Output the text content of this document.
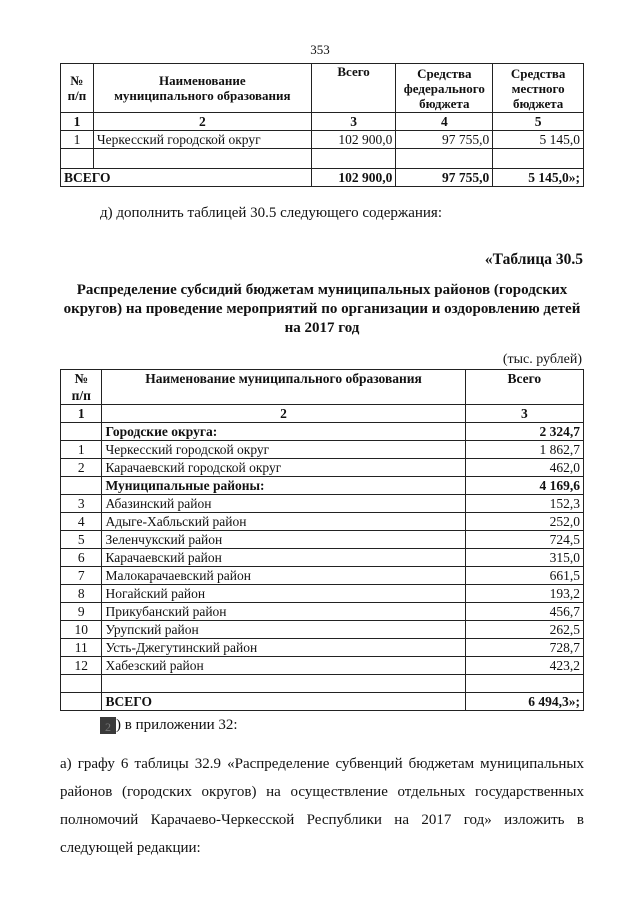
353
№
п/п	Наименование
муниципального образования	Всего	Средства федерального бюджета	Средства местного бюджета
1	2	3	4	5
1	Черкесский городской округ	102 900,0	97 755,0	5 145,0

ВСЕГО		102 900,0	97 755,0	5 145,0»;
д) дополнить таблицей 30.5 следующего содержания:
«Таблица 30.5
Распределение субсидий бюджетам муниципальных районов (городских округов) на проведение мероприятий по организации и оздоровлению детей на 2017 год
(тыс. рублей)
№
п/п	Наименование муниципального образования	Всего
1	2	3
	Городские округа:	2 324,7
1	Черкесский городской округ	1 862,7
2	Карачаевский городской округ	462,0
	Муниципальные районы:	4 169,6
3	Абазинский район	152,3
4	Адыге-Хабльский район	252,0
5	Зеленчукский район	724,5
6	Карачаевский район	315,0
7	Малокарачаевский район	661,5
8	Ногайский район	193,2
9	Прикубанский район	456,7
10	Урупский район	262,5
11	Усть-Джегутинский район	728,7
12	Хабезский район	423,2

	ВСЕГО	6 494,3»;
2 ) в приложении 32:
а) графу 6 таблицы 32.9 «Распределение субвенций бюджетам муниципальных районов (городских округов) на осуществление отдельных государственных полномочий Карачаево-Черкесской Республики на 2017 год» изложить в следующей редакции:
